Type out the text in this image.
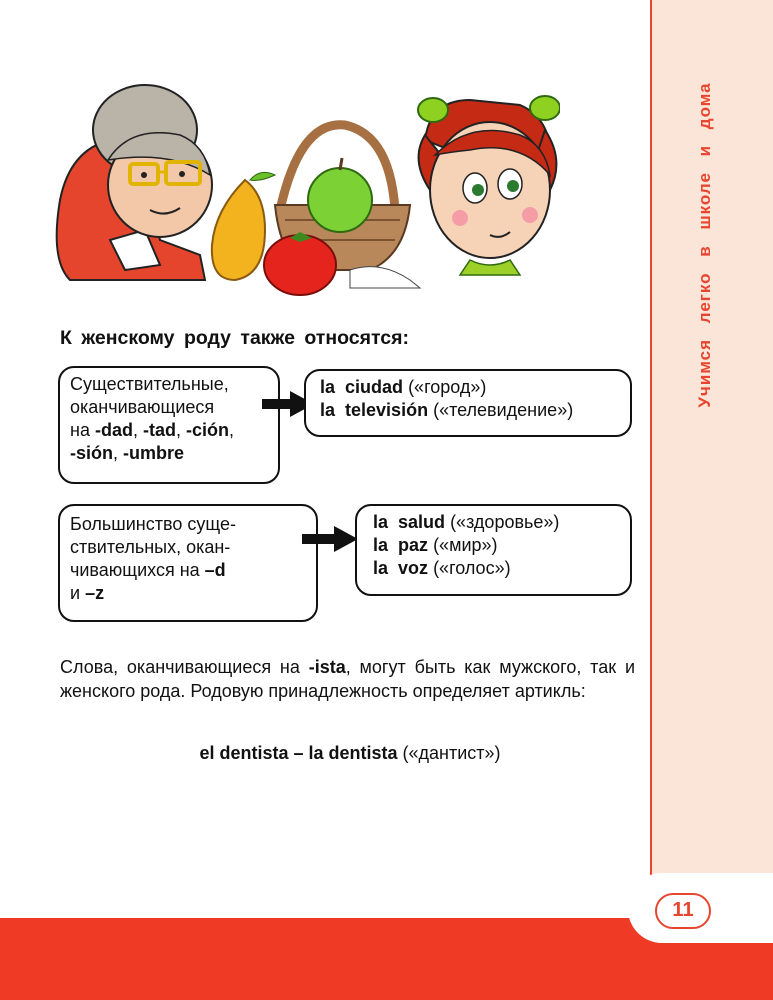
Учимся легко в школе и дома
11
К женскому роду также относятся:

Существительные,

оканчивающиеся

на -dad, -tad, -ción,

-sión, -umbre

la ciudad («город»)

la televisión («телевидение»)

Большинство суще-

ствительных, окан-

чивающихся на –d

и –z

la salud («здоровье»)

la paz («мир»)

la voz («голос»)

Слова, оканчивающиеся на -ista, могут быть как мужского, так и женского рода. Родовую принадлежность определяет артикль:
el dentista – la dentista («дантист»)
